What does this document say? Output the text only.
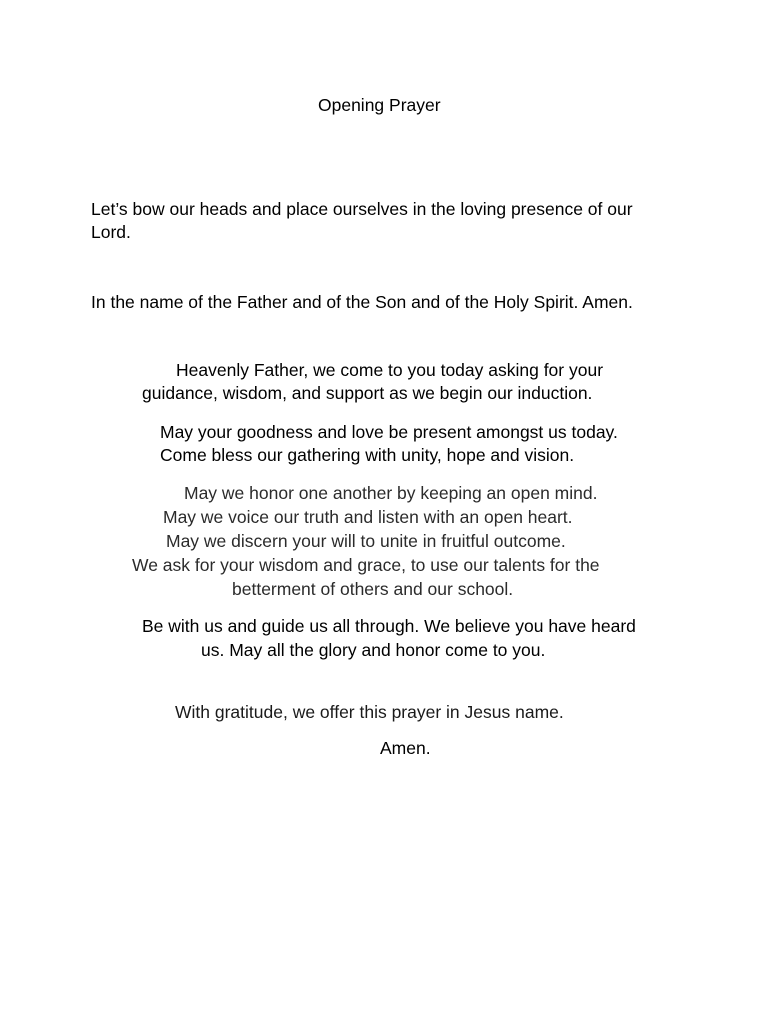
Opening Prayer
Let’s bow our heads and place ourselves in the loving presence of our
Lord.
In the name of the Father and of the Son and of the Holy Spirit. Amen.
Heavenly Father, we come to you today asking for your
guidance, wisdom, and support as we begin our induction.
May your goodness and love be present amongst us today.
Come bless our gathering with unity, hope and vision.
May we honor one another by keeping an open mind.
May we voice our truth and listen with an open heart.
May we discern your will to unite in fruitful outcome.
We ask for your wisdom and grace, to use our talents for the
betterment of others and our school.
Be with us and guide us all through. We believe you have heard
us. May all the glory and honor come to you.
With gratitude, we offer this prayer in Jesus name.
Amen.
